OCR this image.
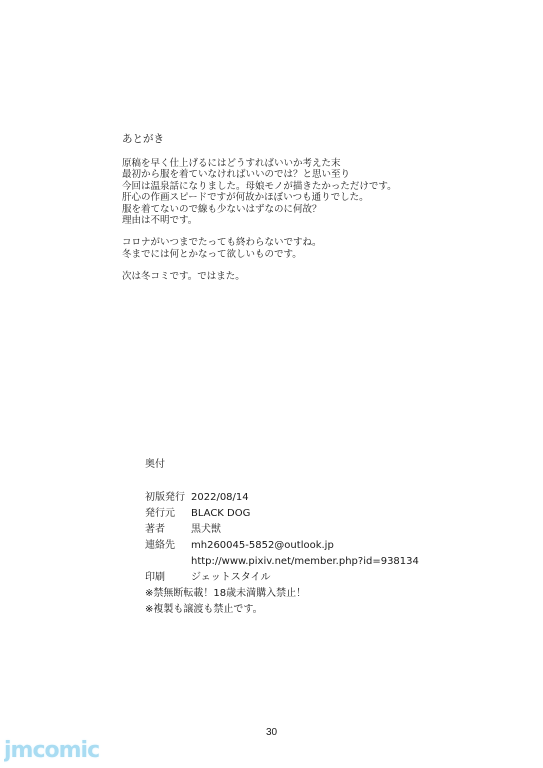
あとがき
原稿を早く仕上げるにはどうすればいいか考えた末
最初から服を着ていなければいいのでは？と思い至り
今回は温泉話になりました。母娘モノが描きたかっただけです。
肝心の作画スピードですが何故かほぼいつも通りでした。
服を着てないので線も少ないはずなのに何故？
理由は不明です。
コロナがいつまでたっても終わらないですね。
冬までには何とかなって欲しいものです。
次は冬コミです。ではまた。
奥付
初版発行 2022/08/14
発行元	BLACK DOG
著者	黒犬獣
連絡先	mh260045-5852@outlook.jp
http://www.pixiv.net/member.php?id=938134
印刷	ジェットスタイル
※禁無断転載！18歳未満購入禁止！
※複製も譲渡も禁止です。
30
jmcomic
